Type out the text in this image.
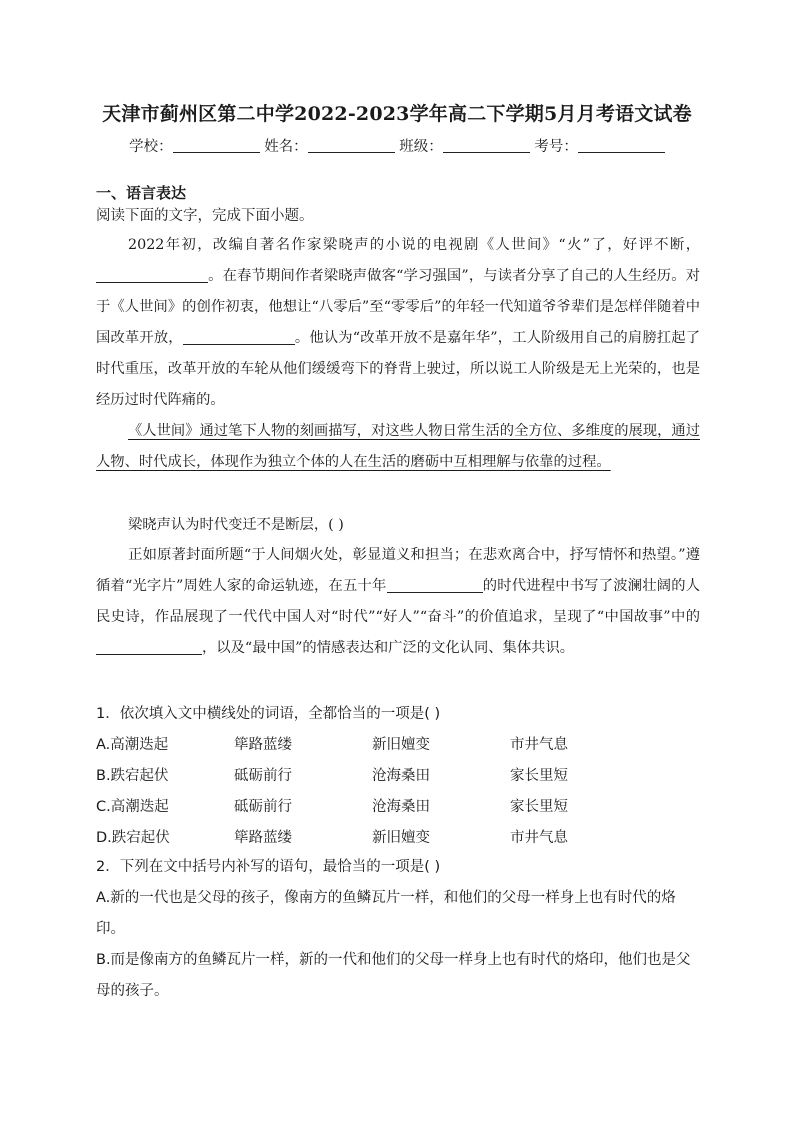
天津市蓟州区第二中学2022-2023学年高二下学期5月月考语文试卷
学校：	姓名：	班级：	考号：
一、语言表达
阅读下面的文字，完成下面小题。
2022年初，改编自著名作家梁晓声的小说的电视剧《人世间》“火”了，好评不断，。在春节期间作者梁晓声做客“学习强国”，与读者分享了自己的人生经历。对于《人世间》的创作初衷，他想让“八零后”至“零零后”的年轻一代知道爷爷辈们是怎样伴随着中国改革开放，	。他认为“改革开放不是嘉年华”，工人阶级用自己的肩膀扛起了时代重压，改革开放的车轮从他们缓缓弯下的脊背上驶过，所以说工人阶级是无上光荣的，也是经历过时代阵痛的。
《人世间》通过笔下人物的刻画描写，对这些人物日常生活的全方位、多维度的展现，通过人物、时代成长，体现作为独立个体的人在生活的磨砺中互相理解与依靠的过程。
梁晓声认为时代变迁不是断层，( )
正如原著封面所题“于人间烟火处，彰显道义和担当；在悲欢离合中，抒写情怀和热望。”遵循着“光字片”周姓人家的命运轨迹，在五十年	的时代进程中书写了波澜壮阔的人民史诗，作品展现了一代代中国人对“时代”“好人”“奋斗”的价值追求，呈现了“中国故事”中的，以及“最中国”的情感表达和广泛的文化认同、集体共识。
1．依次填入文中横线处的词语，全都恰当的一项是( )
A.高潮迭起	筚路蓝缕	新旧嬗变	市井气息
B.跌宕起伏	砥砺前行	沧海桑田	家长里短
C.高潮迭起	砥砺前行	沧海桑田	家长里短
D.跌宕起伏	筚路蓝缕	新旧嬗变	市井气息
2．下列在文中括号内补写的语句，最恰当的一项是( )
A.新的一代也是父母的孩子，像南方的鱼鳞瓦片一样，和他们的父母一样身上也有时代的烙印。
B.而是像南方的鱼鳞瓦片一样，新的一代和他们的父母一样身上也有时代的烙印，他们也是父母的孩子。
